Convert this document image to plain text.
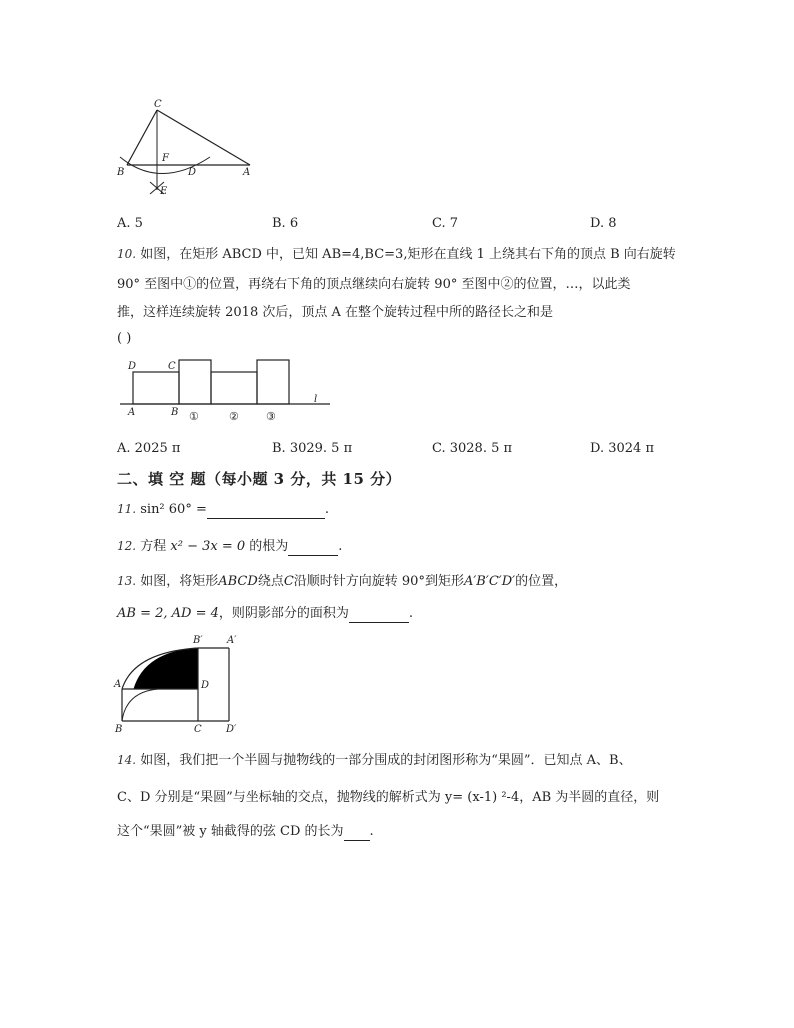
C
F
B	D	A
E
A. 5	B. 6	C. 7	D. 8
10. 如图，在矩形 ABCD 中，已知 AB=4,BC=3,矩形在直线 1 上绕其右下角的顶点 B 向右旋转
90° 至图中①的位置，再绕右下角的顶点继续向右旋转 90° 至图中②的位置，…，以此类
推，这样连续旋转 2018 次后，顶点 A 在整个旋转过程中所的路径长之和是
( )
D	C
A	B
l
①	② ③
A. 2025 π	B. 3029. 5 π	C. 3028. 5 π	D. 3024 π
二、填 空 题（每小题 3 分，共 15 分）
11. sin² 60° =	.
12. 方程 x² − 3x = 0 的根为	.
13. 如图，将矩形ABCD绕点C沿顺时针方向旋转 90°到矩形A′B′C′D′的位置，
AB = 2, AD = 4，则阴影部分的面积为	.
B′ A′
A	D
B	C D′
14. 如图，我们把一个半圆与抛物线的一部分围成的封闭图形称为“果圆”．已知点 A、B、
C、D 分别是“果圆”与坐标轴的交点，抛物线的解析式为 y= (x-1) ²-4，AB 为半圆的直径，则
这个“果圆”被 y 轴截得的弦 CD 的长为 .
